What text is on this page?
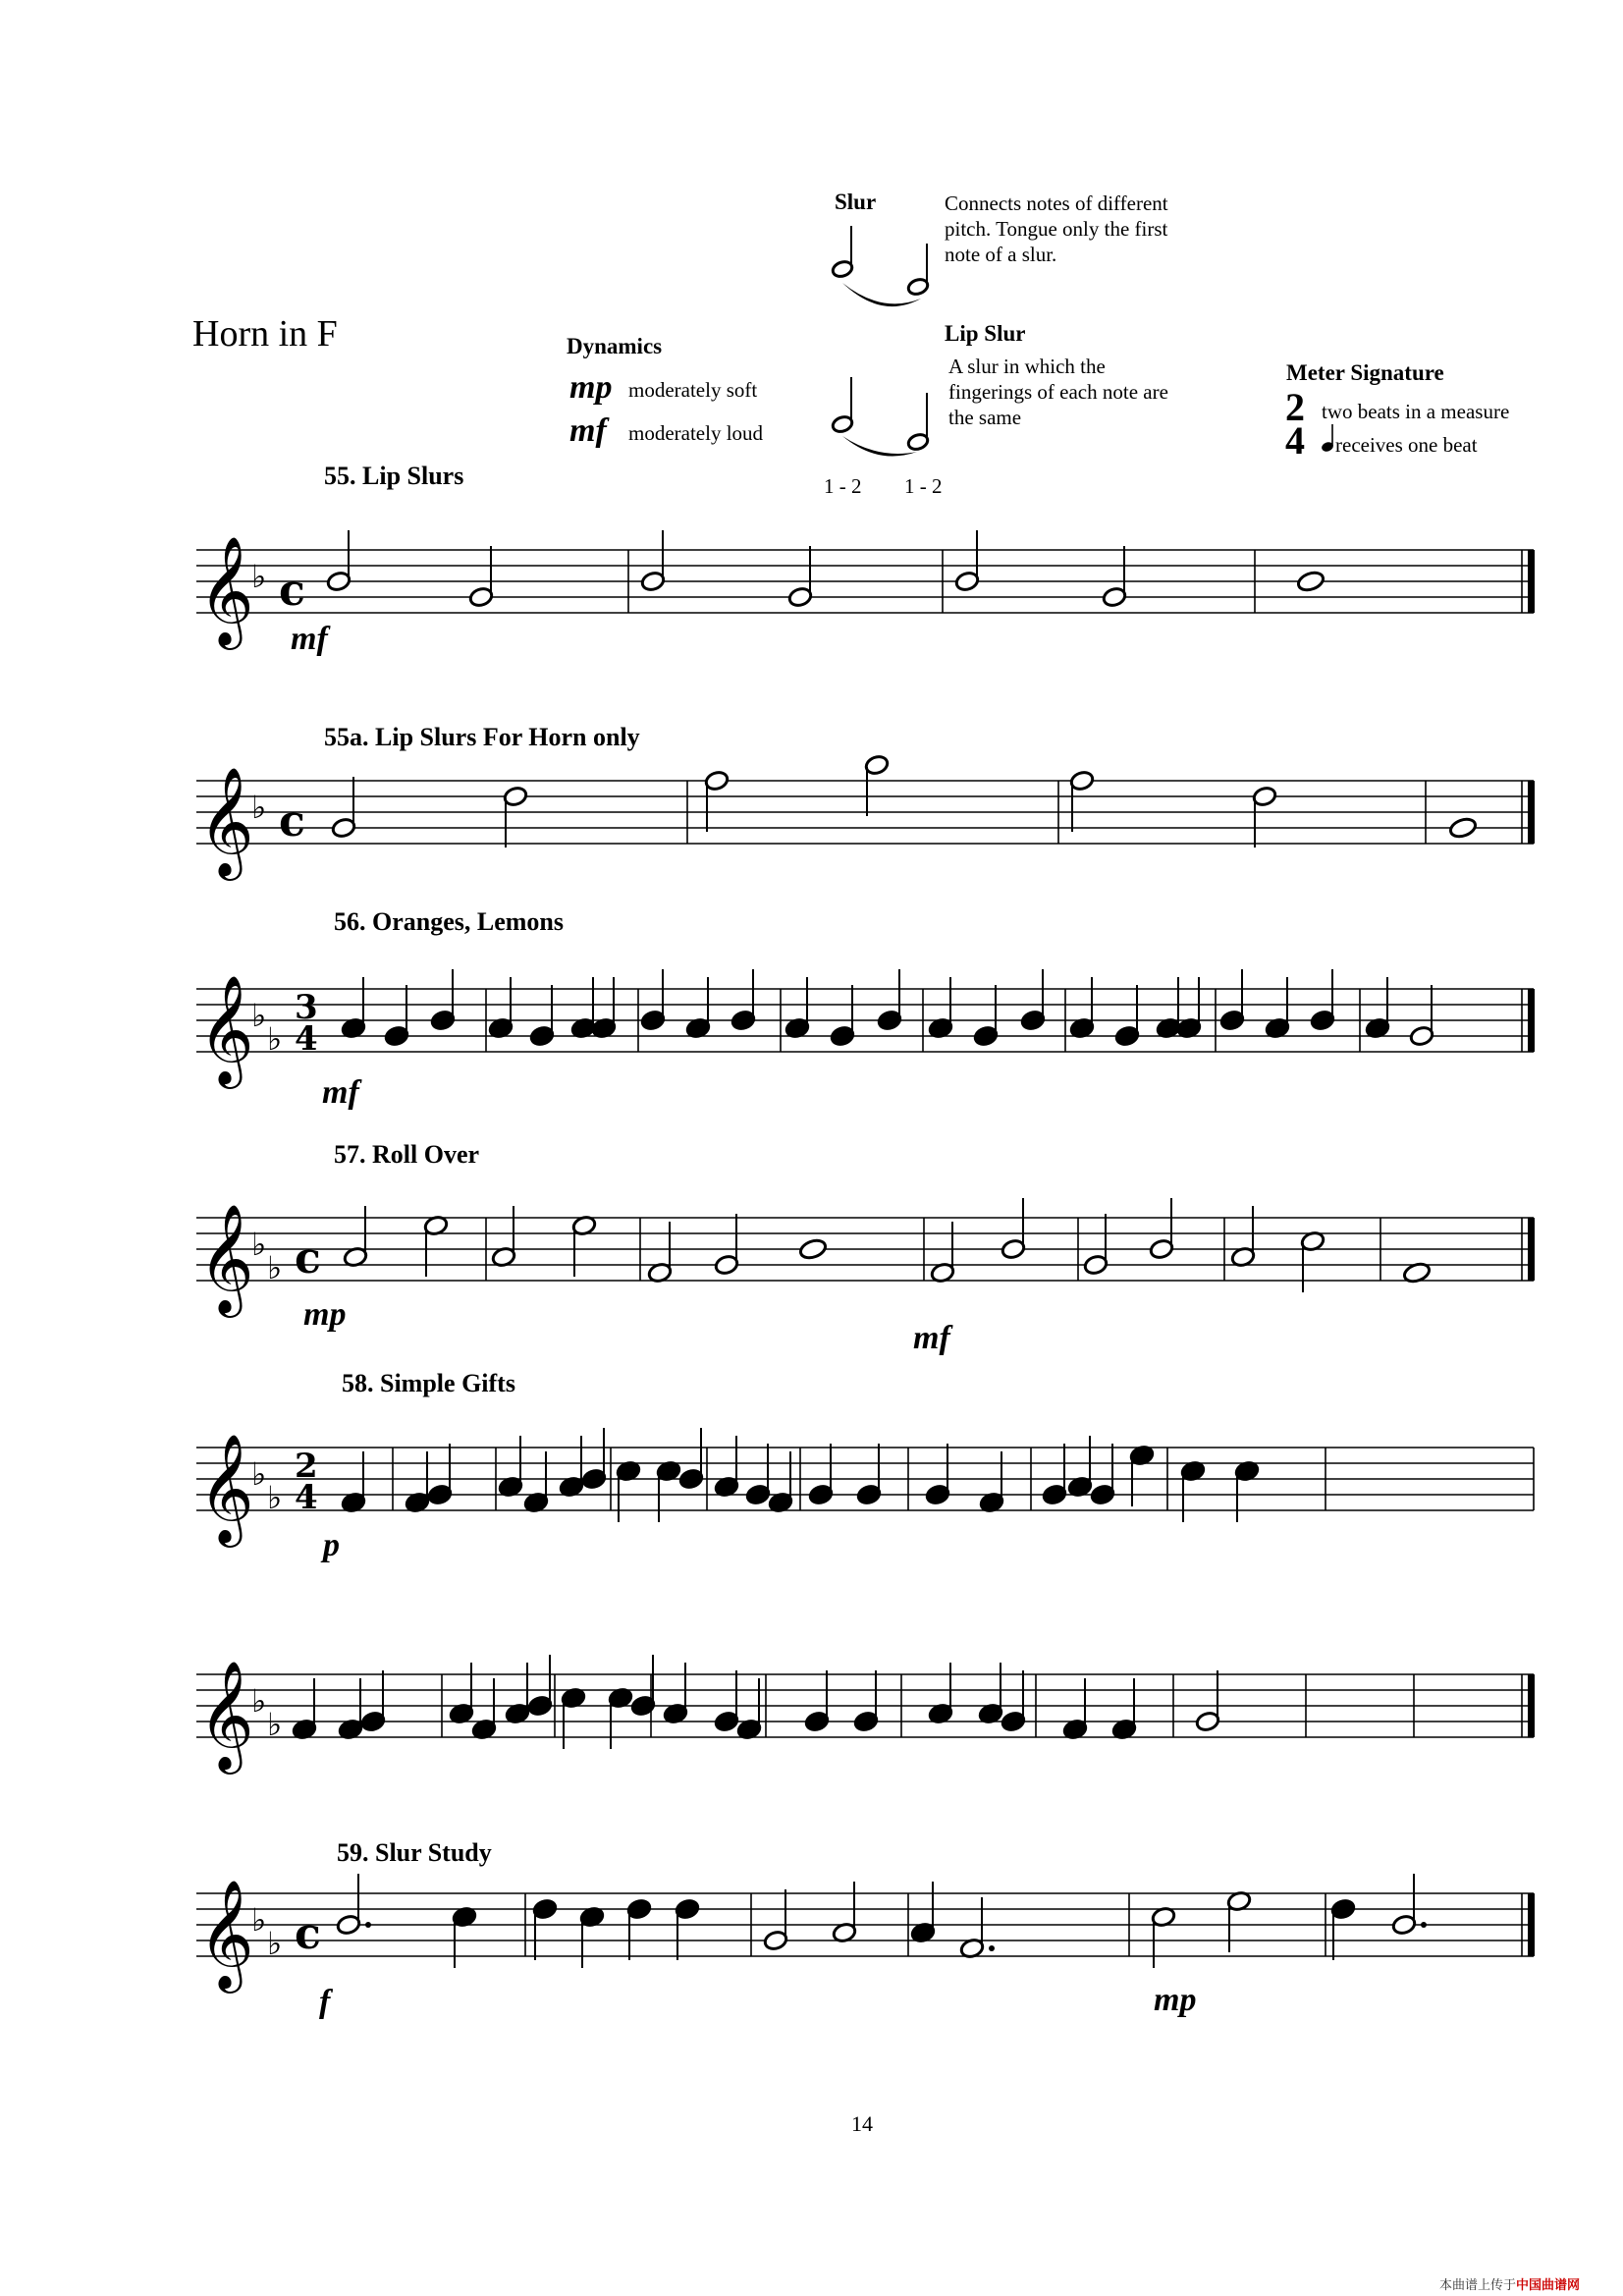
Horn in F
Slur	Connects notes of different pitch. Tongue only the first note of a slur.
Lip Slur
A slur in which the fingerings of each note are the same
1 - 2 1 - 2
Dynamics
mp moderately soft
mf moderately loud
Meter Signature
2
4
two beats in a measure
receives one beat
55. Lip Slurs
55a. Lip Slurs For Horn only
56. Oranges, Lemons
57. Roll Over
58. Simple Gifts
59. Slur Study
𝄞
♭ c
𝄞
♭ c
𝄞
♭
♭
3
4
𝄞
♭
♭ c
𝄞
♭
♭
2
4
𝄞
♭
♭
𝄞
♭
♭ c
mf
mf
mp
mf
p
f	mp
14
本曲谱上传于中国曲谱网
